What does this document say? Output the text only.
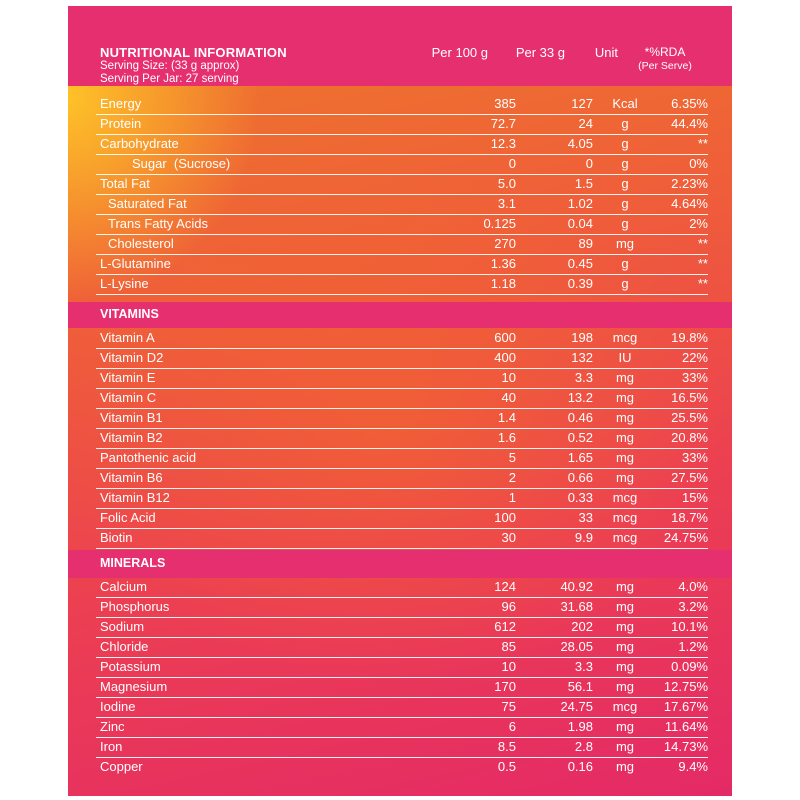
NUTRITIONAL INFORMATION
Serving Size: (33 g approx)
Serving Per Jar: 27 serving
Per 100 g Per 33 g Unit	*%RDA
(Per Serve)
Energy	385	127	Kcal	6.35%
Protein	72.7	24	g	44.4%
Carbohydrate	12.3	4.05	g	**
Sugar  (Sucrose)	0	0	g	0%
Total Fat	5.0	1.5	g	2.23%
Saturated Fat	3.1	1.02	g	4.64%
Trans Fatty Acids	0.125	0.04	g	2%
Cholesterol	270	89	mg	**
L-Glutamine	1.36	0.45	g	**
L-Lysine	1.18	0.39	g	**
VITAMINS
Vitamin A	600	198	mcg	19.8%
Vitamin D2	400	132	IU	22%
Vitamin E	10	3.3	mg	33%
Vitamin C	40	13.2	mg	16.5%
Vitamin B1	1.4	0.46	mg	25.5%
Vitamin B2	1.6	0.52	mg	20.8%
Pantothenic acid	5	1.65	mg	33%
Vitamin B6	2	0.66	mg	27.5%
Vitamin B12	1	0.33	mcg	15%
Folic Acid	100	33	mcg	18.7%
Biotin	30	9.9	mcg	24.75%
MINERALS
Calcium	124	40.92	mg	4.0%
Phosphorus	96	31.68	mg	3.2%
Sodium	612	202	mg	10.1%
Chloride	85	28.05	mg	1.2%
Potassium	10	3.3	mg	0.09%
Magnesium	170	56.1	mg	12.75%
Iodine	75	24.75	mcg	17.67%
Zinc	6	1.98	mg	11.64%
Iron	8.5	2.8	mg	14.73%
Copper	0.5	0.16	mg	9.4%
